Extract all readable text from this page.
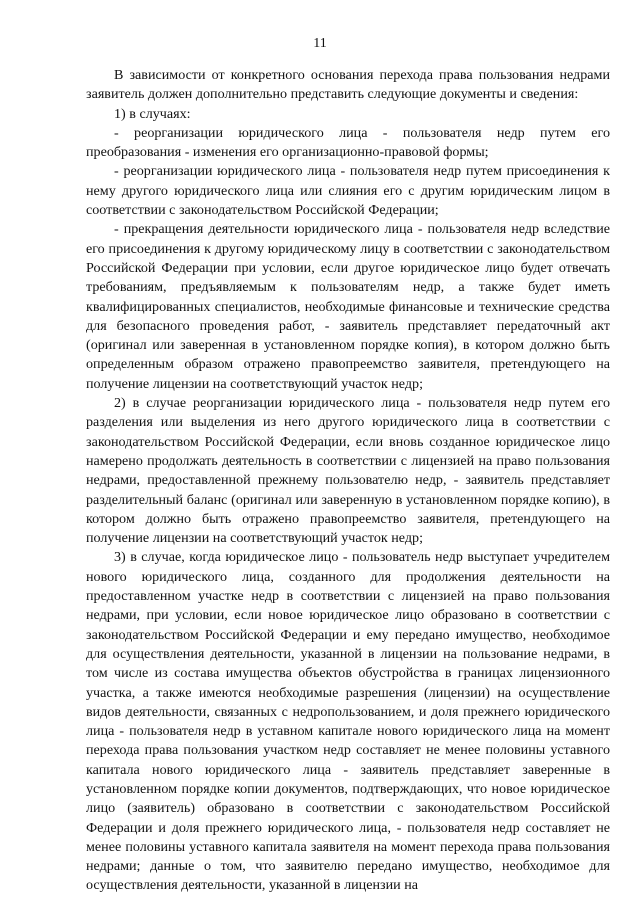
11

В зависимости от конкретного основания перехода права пользования недрами заявитель должен дополнительно представить следующие документы и сведения:

1) в случаях:

- реорганизации юридического лица - пользователя недр путем его преобразования - изменения его организационно-правовой формы;

- реорганизации юридического лица - пользователя недр путем присоединения к нему другого юридического лица или слияния его с другим юридическим лицом в соответствии с законодательством Российской Федерации;

- прекращения деятельности юридического лица - пользователя недр вследствие его присоединения к другому юридическому лицу в соответствии с законодательством Российской Федерации при условии, если другое юридическое лицо будет отвечать требованиям, предъявляемым к пользователям недр, а также будет иметь квалифицированных специалистов, необходимые финансовые и технические средства для безопасного проведения работ, - заявитель представляет передаточный акт (оригинал или заверенная в установленном порядке копия), в котором должно быть определенным образом отражено правопреемство заявителя, претендующего на получение лицензии на соответствующий участок недр;

2) в случае реорганизации юридического лица - пользователя недр путем его разделения или выделения из него другого юридического лица в соответствии с законодательством Российской Федерации, если вновь созданное юридическое лицо намерено продолжать деятельность в соответствии с лицензией на право пользования недрами, предоставленной прежнему пользователю недр, - заявитель представляет разделительный баланс (оригинал или заверенную в установленном порядке копию), в котором должно быть отражено правопреемство заявителя, претендующего на получение лицензии на соответствующий участок недр;

3) в случае, когда юридическое лицо - пользователь недр выступает учредителем нового юридического лица, созданного для продолжения деятельности на предоставленном участке недр в соответствии с лицензией на право пользования недрами, при условии, если новое юридическое лицо образовано в соответствии с законодательством Российской Федерации и ему передано имущество, необходимое для осуществления деятельности, указанной в лицензии на пользование недрами, в том числе из состава имущества объектов обустройства в границах лицензионного участка, а также имеются необходимые разрешения (лицензии) на осуществление видов деятельности, связанных с недропользованием, и доля прежнего юридического лица - пользователя недр в уставном капитале нового юридического лица на момент перехода права пользования участком недр составляет не менее половины уставного капитала нового юридического лица - заявитель представляет заверенные в установленном порядке копии документов, подтверждающих, что новое юридическое лицо (заявитель) образовано в соответствии с законодательством Российской Федерации и доля прежнего юридического лица, - пользователя недр составляет не менее половины уставного капитала заявителя на момент перехода права пользования недрами; данные о том, что заявителю передано имущество, необходимое для осуществления деятельности, указанной в лицензии на
